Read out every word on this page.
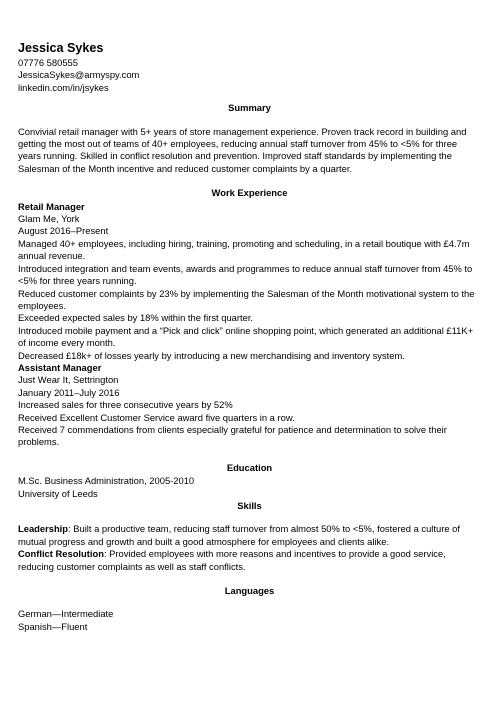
Jessica Sykes
07776 580555
JessicaSykes@armyspy.com
linkedin.com/in/jsykes
Summary
Convivial retail manager with 5+ years of store management experience. Proven track record in building and getting the most out of teams of 40+ employees, reducing annual staff turnover from 45% to <5% for three years running. Skilled in conflict resolution and prevention. Improved staff standards by implementing the Salesman of the Month incentive and reduced customer complaints by a quarter.
Work Experience
Retail Manager
Glam Me, York
August 2016–Present
Managed 40+ employees, including hiring, training, promoting and scheduling, in a retail boutique with £4.7m annual revenue.
Introduced integration and team events, awards and programmes to reduce annual staff turnover from 45% to <5% for three years running.
Reduced customer complaints by 23% by implementing the Salesman of the Month motivational system to the employees.
Exceeded expected sales by 18% within the first quarter.
Introduced mobile payment and a “Pick and click” online shopping point, which generated an additional £11K+ of income every month.
Decreased £18k+ of losses yearly by introducing a new merchandising and inventory system.
Assistant Manager
Just Wear It, Settrington
January 2011–July 2016
Increased sales for three consecutive years by 52%
Received Excellent Customer Service award five quarters in a row.
Received 7 commendations from clients especially grateful for patience and determination to solve their problems.
Education
M.Sc. Business Administration, 2005-2010
University of Leeds
Skills
Leadership: Built a productive team, reducing staff turnover from almost 50% to <5%, fostered a culture of mutual progress and growth and built a good atmosphere for employees and clients alike.
Conflict Resolution: Provided employees with more reasons and incentives to provide a good service, reducing customer complaints as well as staff conflicts.
Languages
German—Intermediate
Spanish—Fluent
